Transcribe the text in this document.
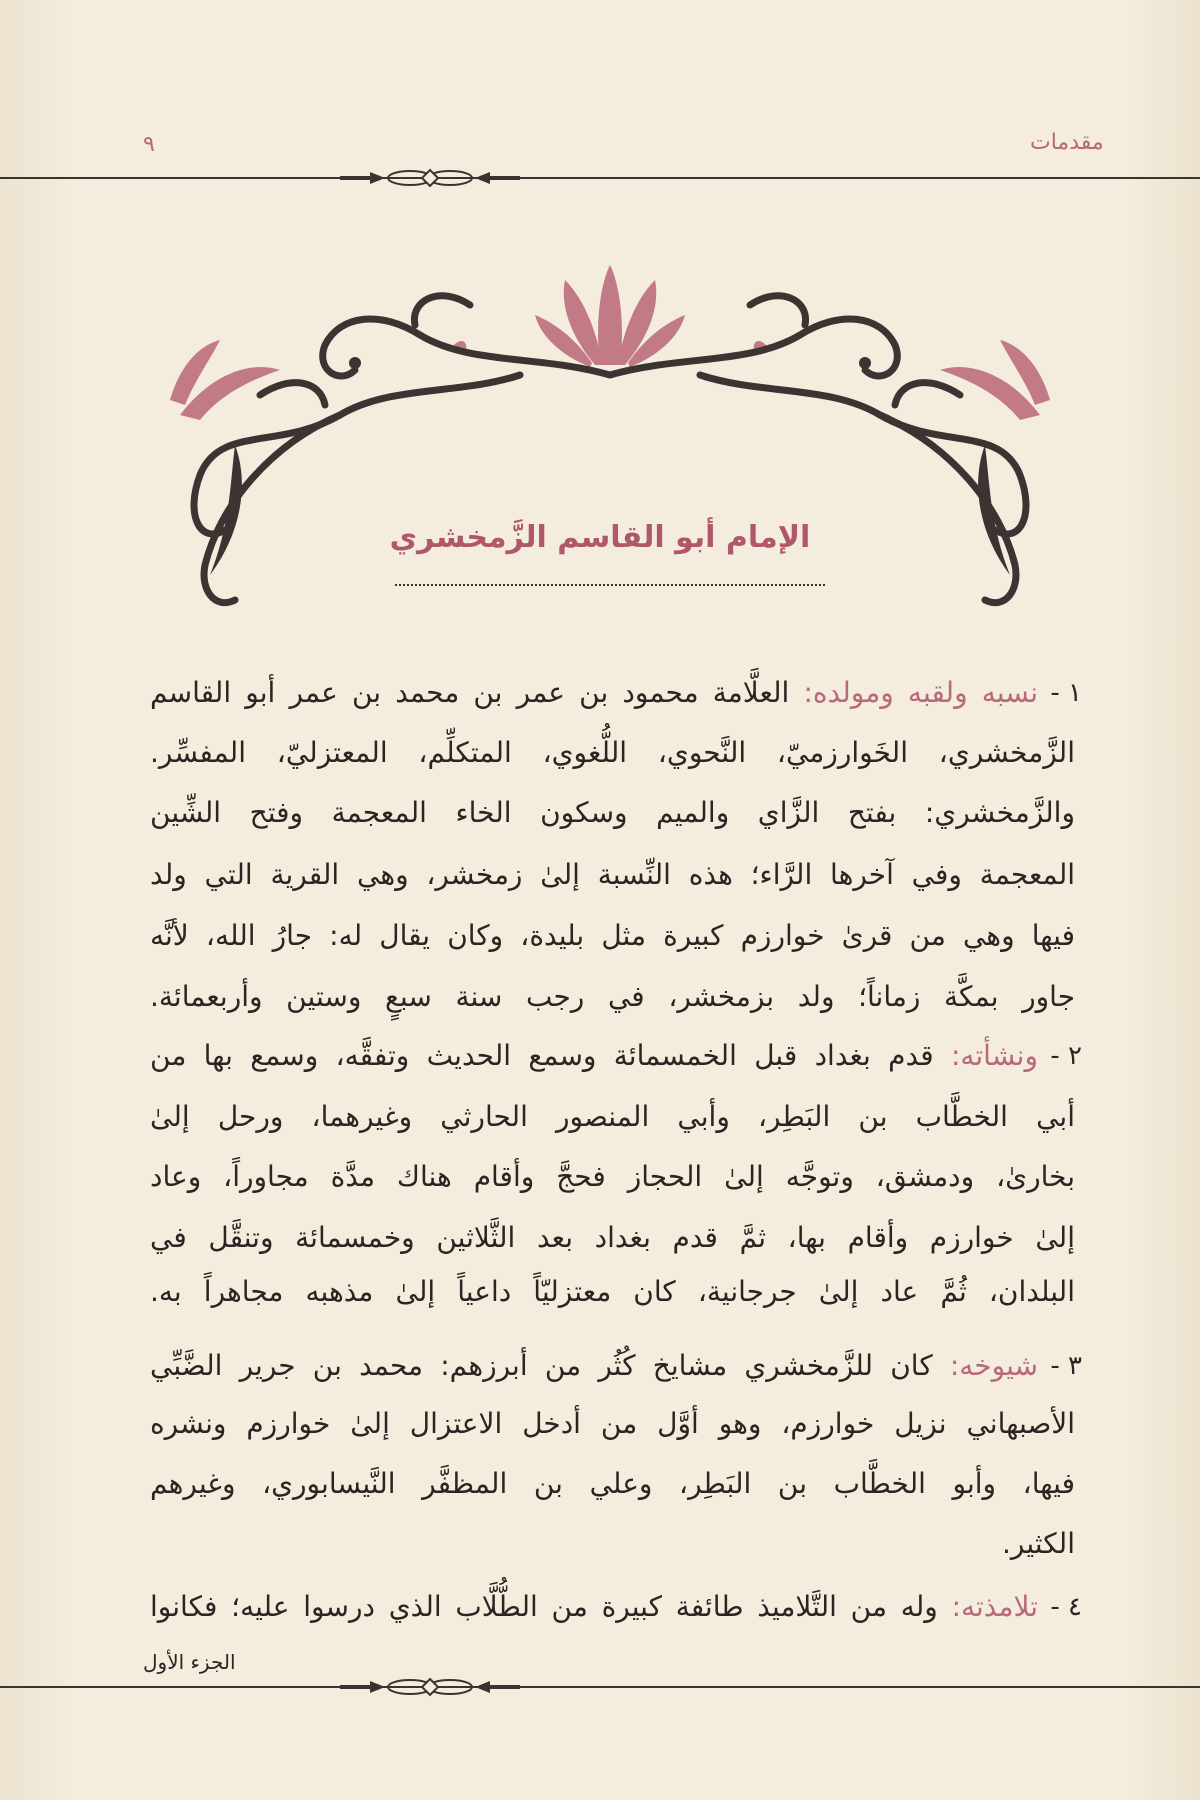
مقدمات
٩
الإمام أبو القاسم الزَّمخشري
١ -
نسبه ولقبه ومولده: العلَّامة محمود بن عمر بن محمد بن عمر أبو القاسم
الزَّمخشري، الخَوارزميّ، النَّحوي، اللُّغوي، المتكلِّم، المعتزليّ، المفسِّر.
والزَّمخشري: بفتح الزَّاي والميم وسكون الخاء المعجمة وفتح الشِّين
المعجمة وفي آخرها الرَّاء؛ هذه النِّسبة إلىٰ زمخشر، وهي القرية التي ولد
فيها وهي من قرىٰ خوارزم كبيرة مثل بليدة، وكان يقال له: جارُ الله، لأنَّه
جاور بمكَّة زماناً؛ ولد بزمخشر، في رجب سنة سبعٍ وستين وأربعمائة.
٢ -
ونشأته: قدم بغداد قبل الخمسمائة وسمع الحديث وتفقَّه، وسمع بها من
أبي الخطَّاب بن البَطِر، وأبي المنصور الحارثي وغيرهما، ورحل إلىٰ
بخارىٰ، ودمشق، وتوجَّه إلىٰ الحجاز فحجَّ وأقام هناك مدَّة مجاوراً، وعاد
إلىٰ خوارزم وأقام بها، ثمَّ قدم بغداد بعد الثَّلاثين وخمسمائة وتنقَّل في
البلدان، ثُمَّ عاد إلىٰ جرجانية، كان معتزليّاً داعياً إلىٰ مذهبه مجاهراً به.
٣ -
شيوخه: كان للزَّمخشري مشايخ كُثُر من أبرزهم: محمد بن جرير الضَّبِّي
الأصبهاني نزيل خوارزم، وهو أوَّل من أدخل الاعتزال إلىٰ خوارزم ونشره
فيها، وأبو الخطَّاب بن البَطِر، وعلي بن المظفَّر النَّيسابوري، وغيرهم
الكثير.
٤ -
تلامذته: وله من التَّلاميذ طائفة كبيرة من الطُّلَّاب الذي درسوا عليه؛ فكانوا
الجزء الأول
